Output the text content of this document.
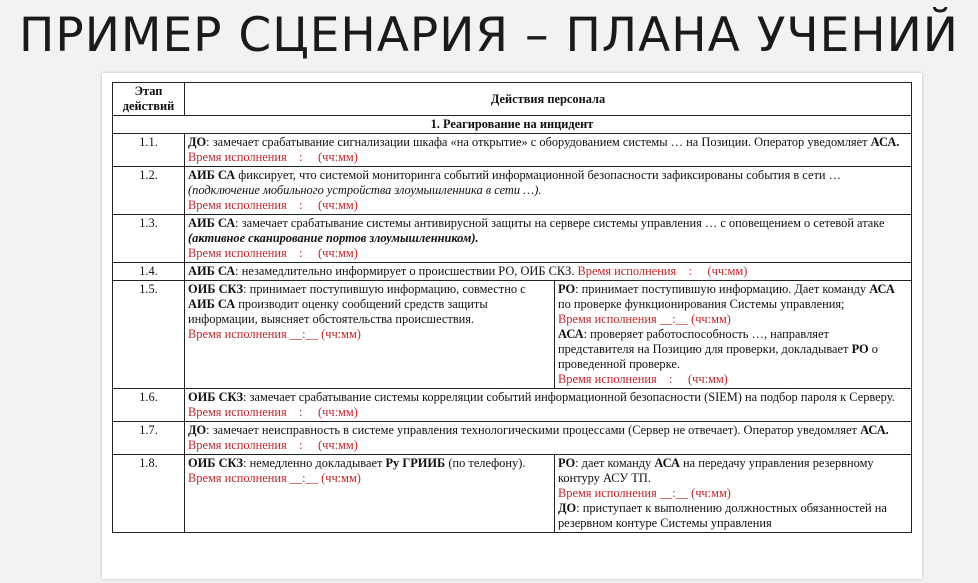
ПРИМЕР СЦЕНАРИЯ – ПЛАНА УЧЕНИЙ
Этап действий	Действия персонала	
1. Реагирование на инцидент		
1.1.	ДО: замечает срабатывание сигнализации шкафа «на открытие» с оборудованием системы … на Позиции. Оператор уведомляет АСА.
Время исполнения    :     (чч:мм)	
1.2.	АИБ СА фиксирует, что системой мониторинга событий информационной безопасности зафиксированы события в сети … (подключение мобильного устройства злоумышленника в сети …).
Время исполнения    :     (чч:мм)	
1.3.	АИБ СА: замечает срабатывание системы антивирусной защиты на сервере системы управления … с оповещением о сетевой атаке (активное сканирование портов злоумышленником).
Время исполнения    :     (чч:мм)	
1.4.	АИБ СА: незамедлительно информирует о происшествии РО, ОИБ СКЗ. Время исполнения    :     (чч:мм)	
1.5.	ОИБ СКЗ: принимает поступившую информацию, совместно с АИБ СА производит оценку сообщений средств защиты информации, выясняет обстоятельства происшествия.
Время исполнения __:__ (чч:мм)	РО: принимает поступившую информацию. Дает команду АСА по проверке функционирования Системы управления;
Время исполнения __:__ (чч:мм)
АСА: проверяет работоспособность …, направляет представителя на Позицию для проверки, докладывает РО о проведенной проверке.
Время исполнения    :     (чч:мм)
1.6.	ОИБ СКЗ: замечает срабатывание системы корреляции событий информационной безопасности (SIEM) на подбор пароля к Серверу.
Время исполнения    :     (чч:мм)	
1.7.	ДО: замечает неисправность в системе управления технологическими процессами (Сервер не отвечает). Оператор уведомляет АСА.
Время исполнения    :     (чч:мм)	
1.8.	ОИБ СКЗ: немедленно докладывает Ру ГРИИБ (по телефону).
Время исполнения __:__ (чч:мм)	РО: дает команду АСА на передачу управления резервному контуру АСУ ТП.
Время исполнения __:__ (чч:мм)
ДО: приступает к выполнению должностных обязанностей на резервном контуре Системы управления
